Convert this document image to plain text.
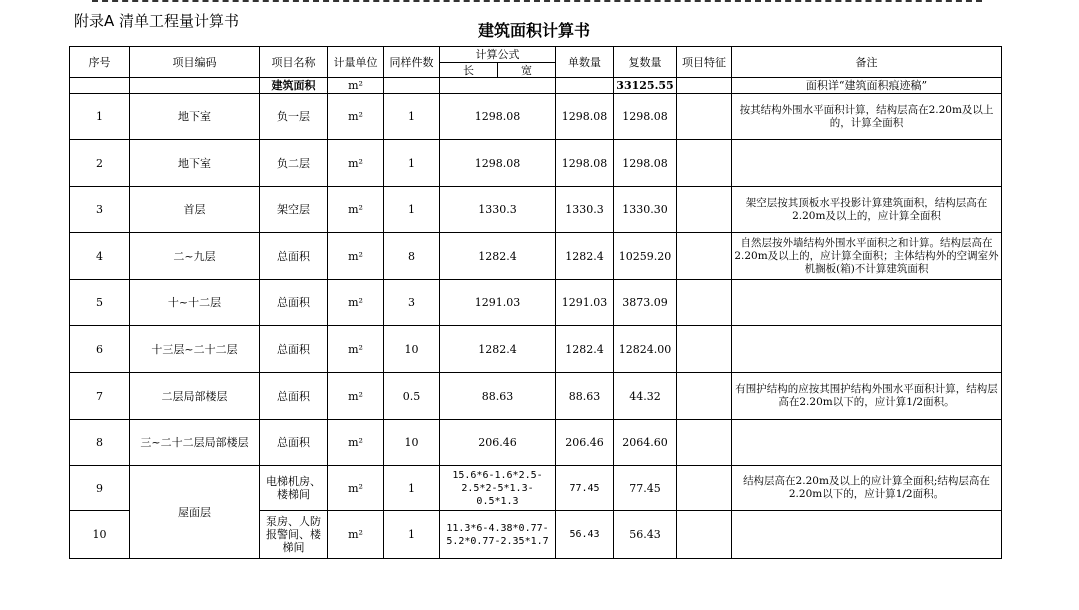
附录A 清单工程量计算书	建筑面积计算书
序号	项目编码	项目名称	计量单位	同样件数	计算公式		单数量	复数量	项目特征	备注
					长	宽				
		建筑面积	m²					33125.55		面积详“建筑面积痕迹稿”
1	地下室	负一层	m²	1	1298.08		1298.08	1298.08		按其结构外围水平面积计算，结构层高在2.20m及以上的，计算全面积
2	地下室	负二层	m²	1	1298.08		1298.08	1298.08		
3	首层	架空层	m²	1	1330.3		1330.3	1330.30		架空层按其顶板水平投影计算建筑面积，结构层高在2.20m及以上的，应计算全面积
4	二~九层	总面积	m²	8	1282.4		1282.4	10259.20		自然层按外墙结构外围水平面积之和计算。结构层高在2.20m及以上的，应计算全面积；主体结构外的空调室外机搁板(箱)不计算建筑面积
5	十~十二层	总面积	m²	3	1291.03		1291.03	3873.09		
6	十三层~二十二层	总面积	m²	10	1282.4		1282.4	12824.00		
7	二层局部楼层	总面积	m²	0.5	88.63		88.63	44.32		有围护结构的应按其围护结构外围水平面积计算，结构层高在2.20m以下的，应计算1/2面积。
8	三~二十二层局部楼层	总面积	m²	10	206.46		206.46	2064.60		
9	屋面层	电梯机房、楼梯间	m²	1	15.6*6-1.6*2.5-2.5*2-5*1.3-0.5*1.3		77.45	77.45		结构层高在2.20m及以上的应计算全面积;结构层高在2.20m以下的，应计算1/2面积。
10		泵房、人防报警间、楼梯间	m²	1	11.3*6-4.38*0.77-5.2*0.77-2.35*1.7		56.43	56.43		
